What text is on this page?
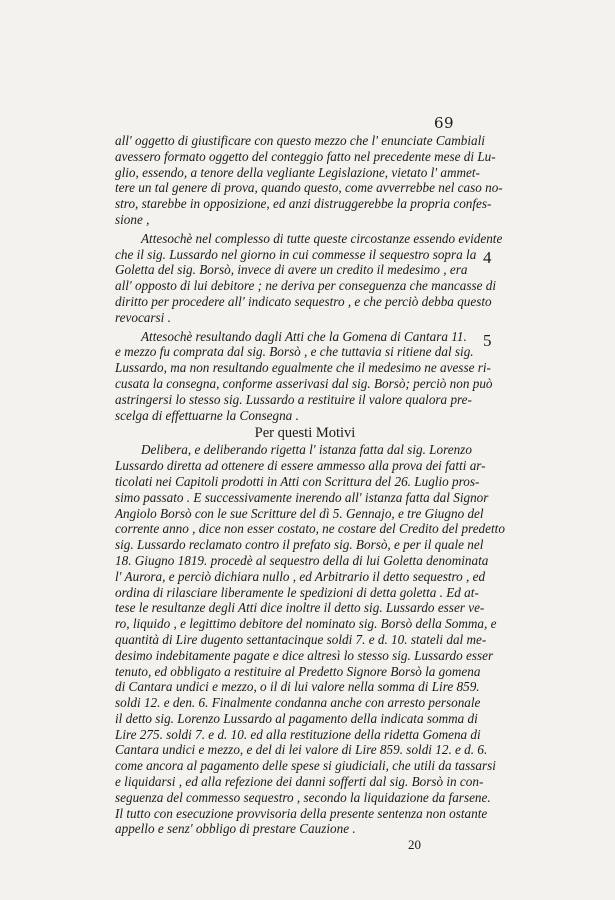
69
4
5
all' oggetto di giustificare con questo mezzo che l' enunciate Cambiali
avessero formato oggetto del conteggio fatto nel precedente mese di Lu-
glio, essendo, a tenore della vegliante Legislazione, vietato l' ammet-
tere un tal genere di prova, quando questo, come avverrebbe nel caso no-
stro, starebbe in opposizione, ed anzi distruggerebbe la propria confes-
sione ,
Attesochè nel complesso di tutte queste circostanze essendo evidente
che il sig. Lussardo nel giorno in cui commesse il sequestro sopra la
Goletta del sig. Borsò, invece di avere un credito il medesimo , era
all' opposto di lui debitore ; ne deriva per conseguenza che mancasse di
diritto per procedere all' indicato sequestro , e che perciò debba questo
revocarsi .
Attesochè resultando dagli Atti che la Gomena di Cantara 11.
e mezzo fu comprata dal sig. Borsò , e che tuttavia si ritiene dal sig.
Lussardo, ma non resultando egualmente che il medesimo ne avesse ri-
cusata la consegna, conforme asserivasi dal sig. Borsò; perciò non può
astringersi lo stesso sig. Lussardo a restituire il valore qualora pre-
scelga di effettuarne la Consegna .
Per questi Motivi
Delibera, e deliberando rigetta l' istanza fatta dal sig. Lorenzo
Lussardo diretta ad ottenere di essere ammesso alla prova dei fatti ar-
ticolati nei Capitoli prodotti in Atti con Scrittura del 26. Luglio pros-
simo passato . E successivamente inerendo all' istanza fatta dal Signor
Angiolo Borsò con le sue Scritture del dì 5. Gennajo, e tre Giugno del
corrente anno , dice non esser costato, ne costare del Credito del predetto
sig. Lussardo reclamato contro il prefato sig. Borsò, e per il quale nel
18. Giugno 1819. procedè al sequestro della di lui Goletta denominata
l' Aurora, e perciò dichiara nullo , ed Arbitrario il detto sequestro , ed
ordina di rilasciare liberamente le spedizioni di detta goletta . Ed at-
tese le resultanze degli Atti dice inoltre il detto sig. Lussardo esser ve-
ro, liquido , e legittimo debitore del nominato sig. Borsò della Somma, e
quantità di Lire dugento settantacinque soldi 7. e d. 10. stateli dal me-
desimo indebitamente pagate e dice altresì lo stesso sig. Lussardo esser
tenuto, ed obbligato a restituire al Predetto Signore Borsò la gomena
di Cantara undici e mezzo, o il di lui valore nella somma di Lire 859.
soldi 12. e den. 6. Finalmente condanna anche con arresto personale
il detto sig. Lorenzo Lussardo al pagamento della indicata somma di
Lire 275. soldi 7. e d. 10. ed alla restituzione della ridetta Gomena di
Cantara undici e mezzo, e del di lei valore di Lire 859. soldi 12. e d. 6.
come ancora al pagamento delle spese si giudiciali, che utili da tassarsi
e liquidarsi , ed alla refezione dei danni sofferti dal sig. Borsò in con-
seguenza del commesso sequestro , secondo la liquidazione da farsene.
Il tutto con esecuzione provvisoria della presente sentenza non ostante
appello e senz' obbligo di prestare Cauzione .
20
